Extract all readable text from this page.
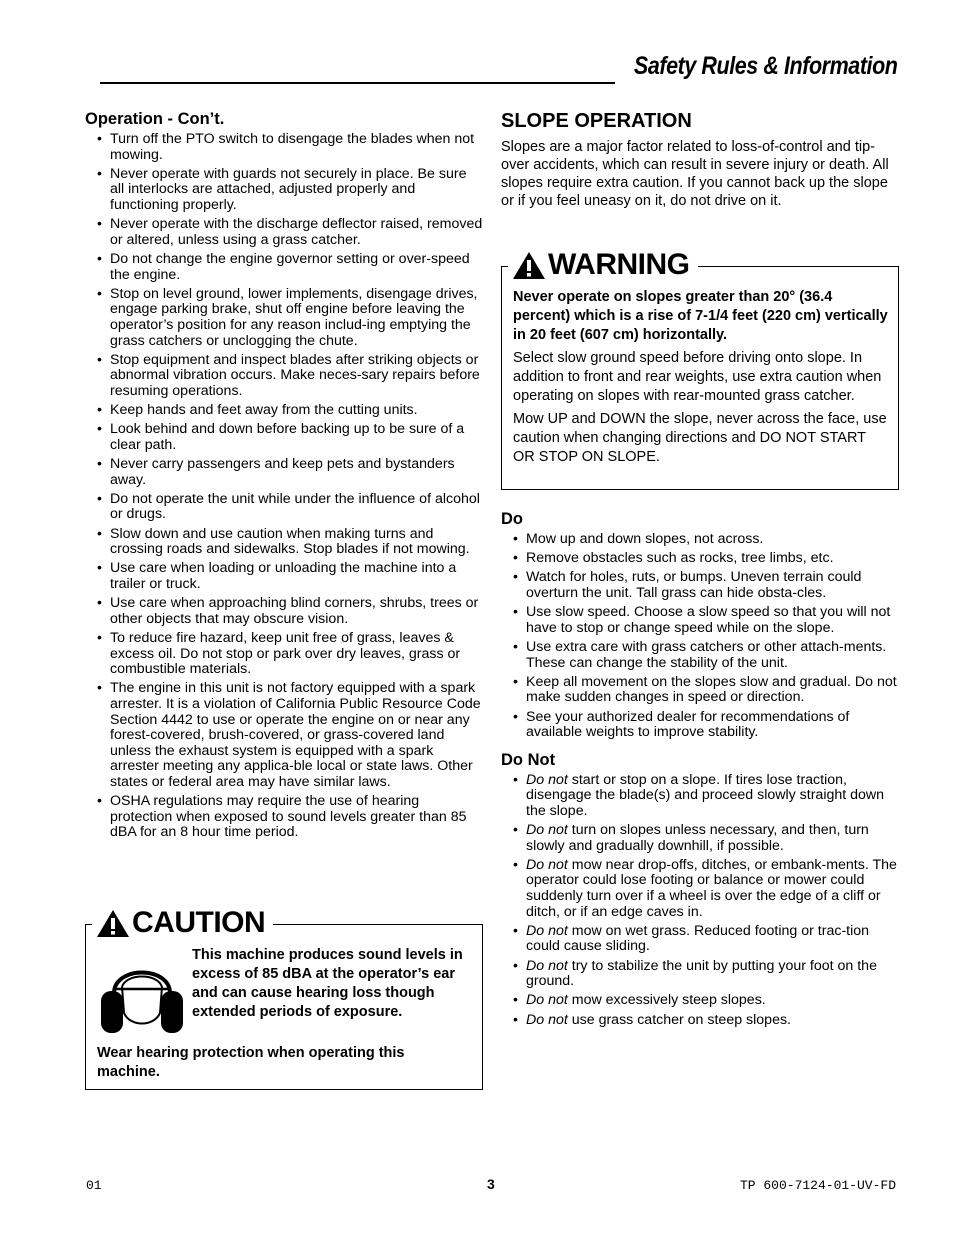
Safety Rules & Information
Operation - Con’t.
• Turn off the PTO switch to disengage the blades when not mowing.
• Never operate with guards not securely in place. Be sure all interlocks are attached, adjusted properly and functioning properly.
• Never operate with the discharge deflector raised, removed or altered, unless using a grass catcher.
• Do not change the engine governor setting or over-speed the engine.
• Stop on level ground, lower implements, disengage drives, engage parking brake, shut off engine before leaving the operator’s position for any reason includ-ing emptying the grass catchers or unclogging the chute.
• Stop equipment and inspect blades after striking objects or abnormal vibration occurs. Make neces-sary repairs before resuming operations.
• Keep hands and feet away from the cutting units.
• Look behind and down before backing up to be sure of a clear path.
• Never carry passengers and keep pets and bystanders away.
• Do not operate the unit while under the influence of alcohol or drugs.
• Slow down and use caution when making turns and crossing roads and sidewalks. Stop blades if not mowing.
• Use care when loading or unloading the machine into a trailer or truck.
• Use care when approaching blind corners, shrubs, trees or other objects that may obscure vision.
• To reduce fire hazard, keep unit free of grass, leaves & excess oil. Do not stop or park over dry leaves, grass or combustible materials.
• The engine in this unit is not factory equipped with a spark arrester. It is a violation of California Public Resource Code Section 4442 to use or operate the engine on or near any forest-covered, brush-covered, or grass-covered land unless the exhaust system is equipped with a spark arrester meeting any applica-ble local or state laws. Other states or federal area may have similar laws.
• OSHA regulations may require the use of hearing protection when exposed to sound levels greater than 85 dBA for an 8 hour time period.
CAUTION

This machine produces sound levels in excess of 85 dBA at the operator’s ear and can cause hearing loss though extended periods of exposure.

Wear hearing protection when operating this machine.

SLOPE OPERATION

Slopes are a major factor related to loss-of-control and tip-over accidents, which can result in severe injury or death. All slopes require extra caution. If you cannot back up the slope or if you feel uneasy on it, do not drive on it.

WARNING

Never operate on slopes greater than 20° (36.4 percent) which is a rise of 7-1/4 feet (220 cm) vertically in 20 feet (607 cm) horizontally.

Select slow ground speed before driving onto slope. In addition to front and rear weights, use extra caution when operating on slopes with rear-mounted grass catcher.

Mow UP and DOWN the slope, never across the face, use caution when changing directions and DO NOT START OR STOP ON SLOPE.

Do
• Mow up and down slopes, not across.
• Remove obstacles such as rocks, tree limbs, etc.
• Watch for holes, ruts, or bumps. Uneven terrain could overturn the unit. Tall grass can hide obsta-cles.
• Use slow speed. Choose a slow speed so that you will not have to stop or change speed while on the slope.
• Use extra care with grass catchers or other attach-ments. These can change the stability of the unit.
• Keep all movement on the slopes slow and gradual. Do not make sudden changes in speed or direction.
• See your authorized dealer for recommendations of available weights to improve stability.
Do Not
• Do not start or stop on a slope. If tires lose traction, disengage the blade(s) and proceed slowly straight down the slope.
• Do not turn on slopes unless necessary, and then, turn slowly and gradually downhill, if possible.
• Do not mow near drop-offs, ditches, or embank-ments. The operator could lose footing or balance or mower could suddenly turn over if a wheel is over the edge of a cliff or ditch, or if an edge caves in.
• Do not mow on wet grass. Reduced footing or trac-tion could cause sliding.
• Do not try to stabilize the unit by putting your foot on the ground.
• Do not mow excessively steep slopes.
• Do not use grass catcher on steep slopes.
01	3	TP 600-7124-01-UV-FD
